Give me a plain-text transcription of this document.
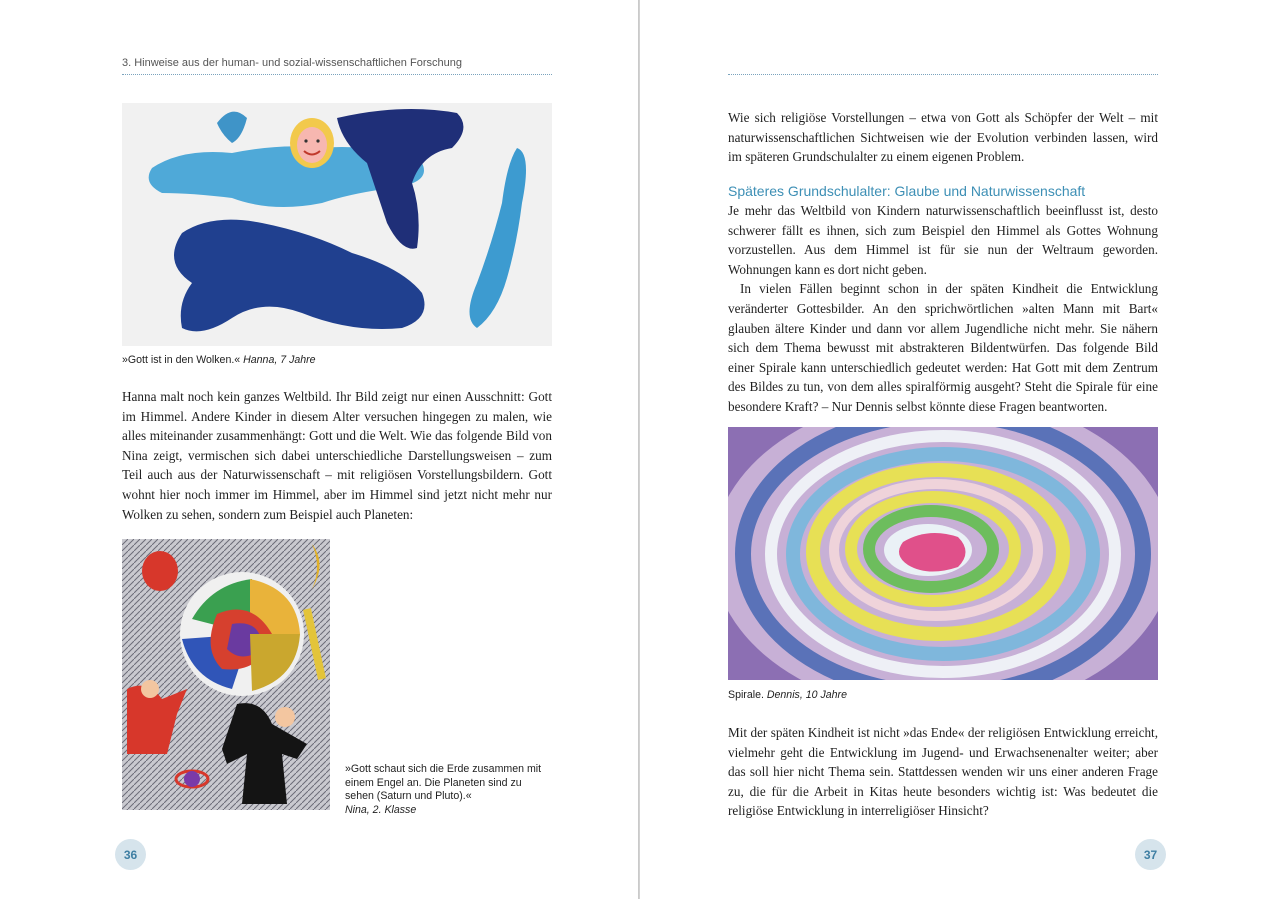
3. Hinweise aus der human- und sozial-wissenschaftlichen Forschung
»Gott ist in den Wolken.« Hanna, 7 Jahre

Hanna malt noch kein ganzes Weltbild. Ihr Bild zeigt nur einen Ausschnitt: Gott im Himmel. Andere Kinder in diesem Alter versuchen hingegen zu malen, wie alles miteinander zusammenhängt: Gott und die Welt. Wie das folgende Bild von Nina zeigt, vermischen sich dabei unterschiedliche Darstellungsweisen – zum Teil auch aus der Naturwissenschaft – mit religiösen Vorstellungsbildern. Gott wohnt hier noch immer im Himmel, aber im Himmel sind jetzt nicht mehr nur Wolken zu sehen, sondern zum Beispiel auch Planeten:

»Gott schaut sich die Erde zusammen mit einem Engel an. Die Planeten sind zu sehen (Saturn und Pluto).«
Nina, 2. Klasse
36

Wie sich religiöse Vorstellungen – etwa von Gott als Schöpfer der Welt – mit naturwissenschaftlichen Sichtweisen wie der Evolution verbinden lassen, wird im späteren Grundschulalter zu einem eigenen Problem.

Späteres Grundschulalter: Glaube und Naturwissenschaft

Je mehr das Weltbild von Kindern naturwissenschaftlich beeinflusst ist, desto schwerer fällt es ihnen, sich zum Beispiel den Himmel als Gottes Wohnung vorzustellen. Aus dem Himmel ist für sie nun der Weltraum geworden. Wohnungen kann es dort nicht geben.

In vielen Fällen beginnt schon in der späten Kindheit die Entwicklung veränderter Gottesbilder. An den sprichwörtlichen »alten Mann mit Bart« glauben ältere Kinder und dann vor allem Jugendliche nicht mehr. Sie nähern sich dem Thema bewusst mit abstrakteren Bildentwürfen. Das folgende Bild einer Spirale kann unterschiedlich gedeutet werden: Hat Gott mit dem Zentrum des Bildes zu tun, von dem alles spiralförmig ausgeht? Steht die Spirale für eine besondere Kraft? – Nur Dennis selbst könnte diese Fragen beantworten.

Spirale. Dennis, 10 Jahre

Mit der späten Kindheit ist nicht »das Ende« der religiösen Entwicklung erreicht, vielmehr geht die Entwicklung im Jugend- und Erwachsenenalter weiter; aber das soll hier nicht Thema sein. Stattdessen wenden wir uns einer anderen Frage zu, die für die Arbeit in Kitas heute besonders wichtig ist: Was bedeutet die religiöse Entwicklung in interreligiöser Hinsicht?

37
